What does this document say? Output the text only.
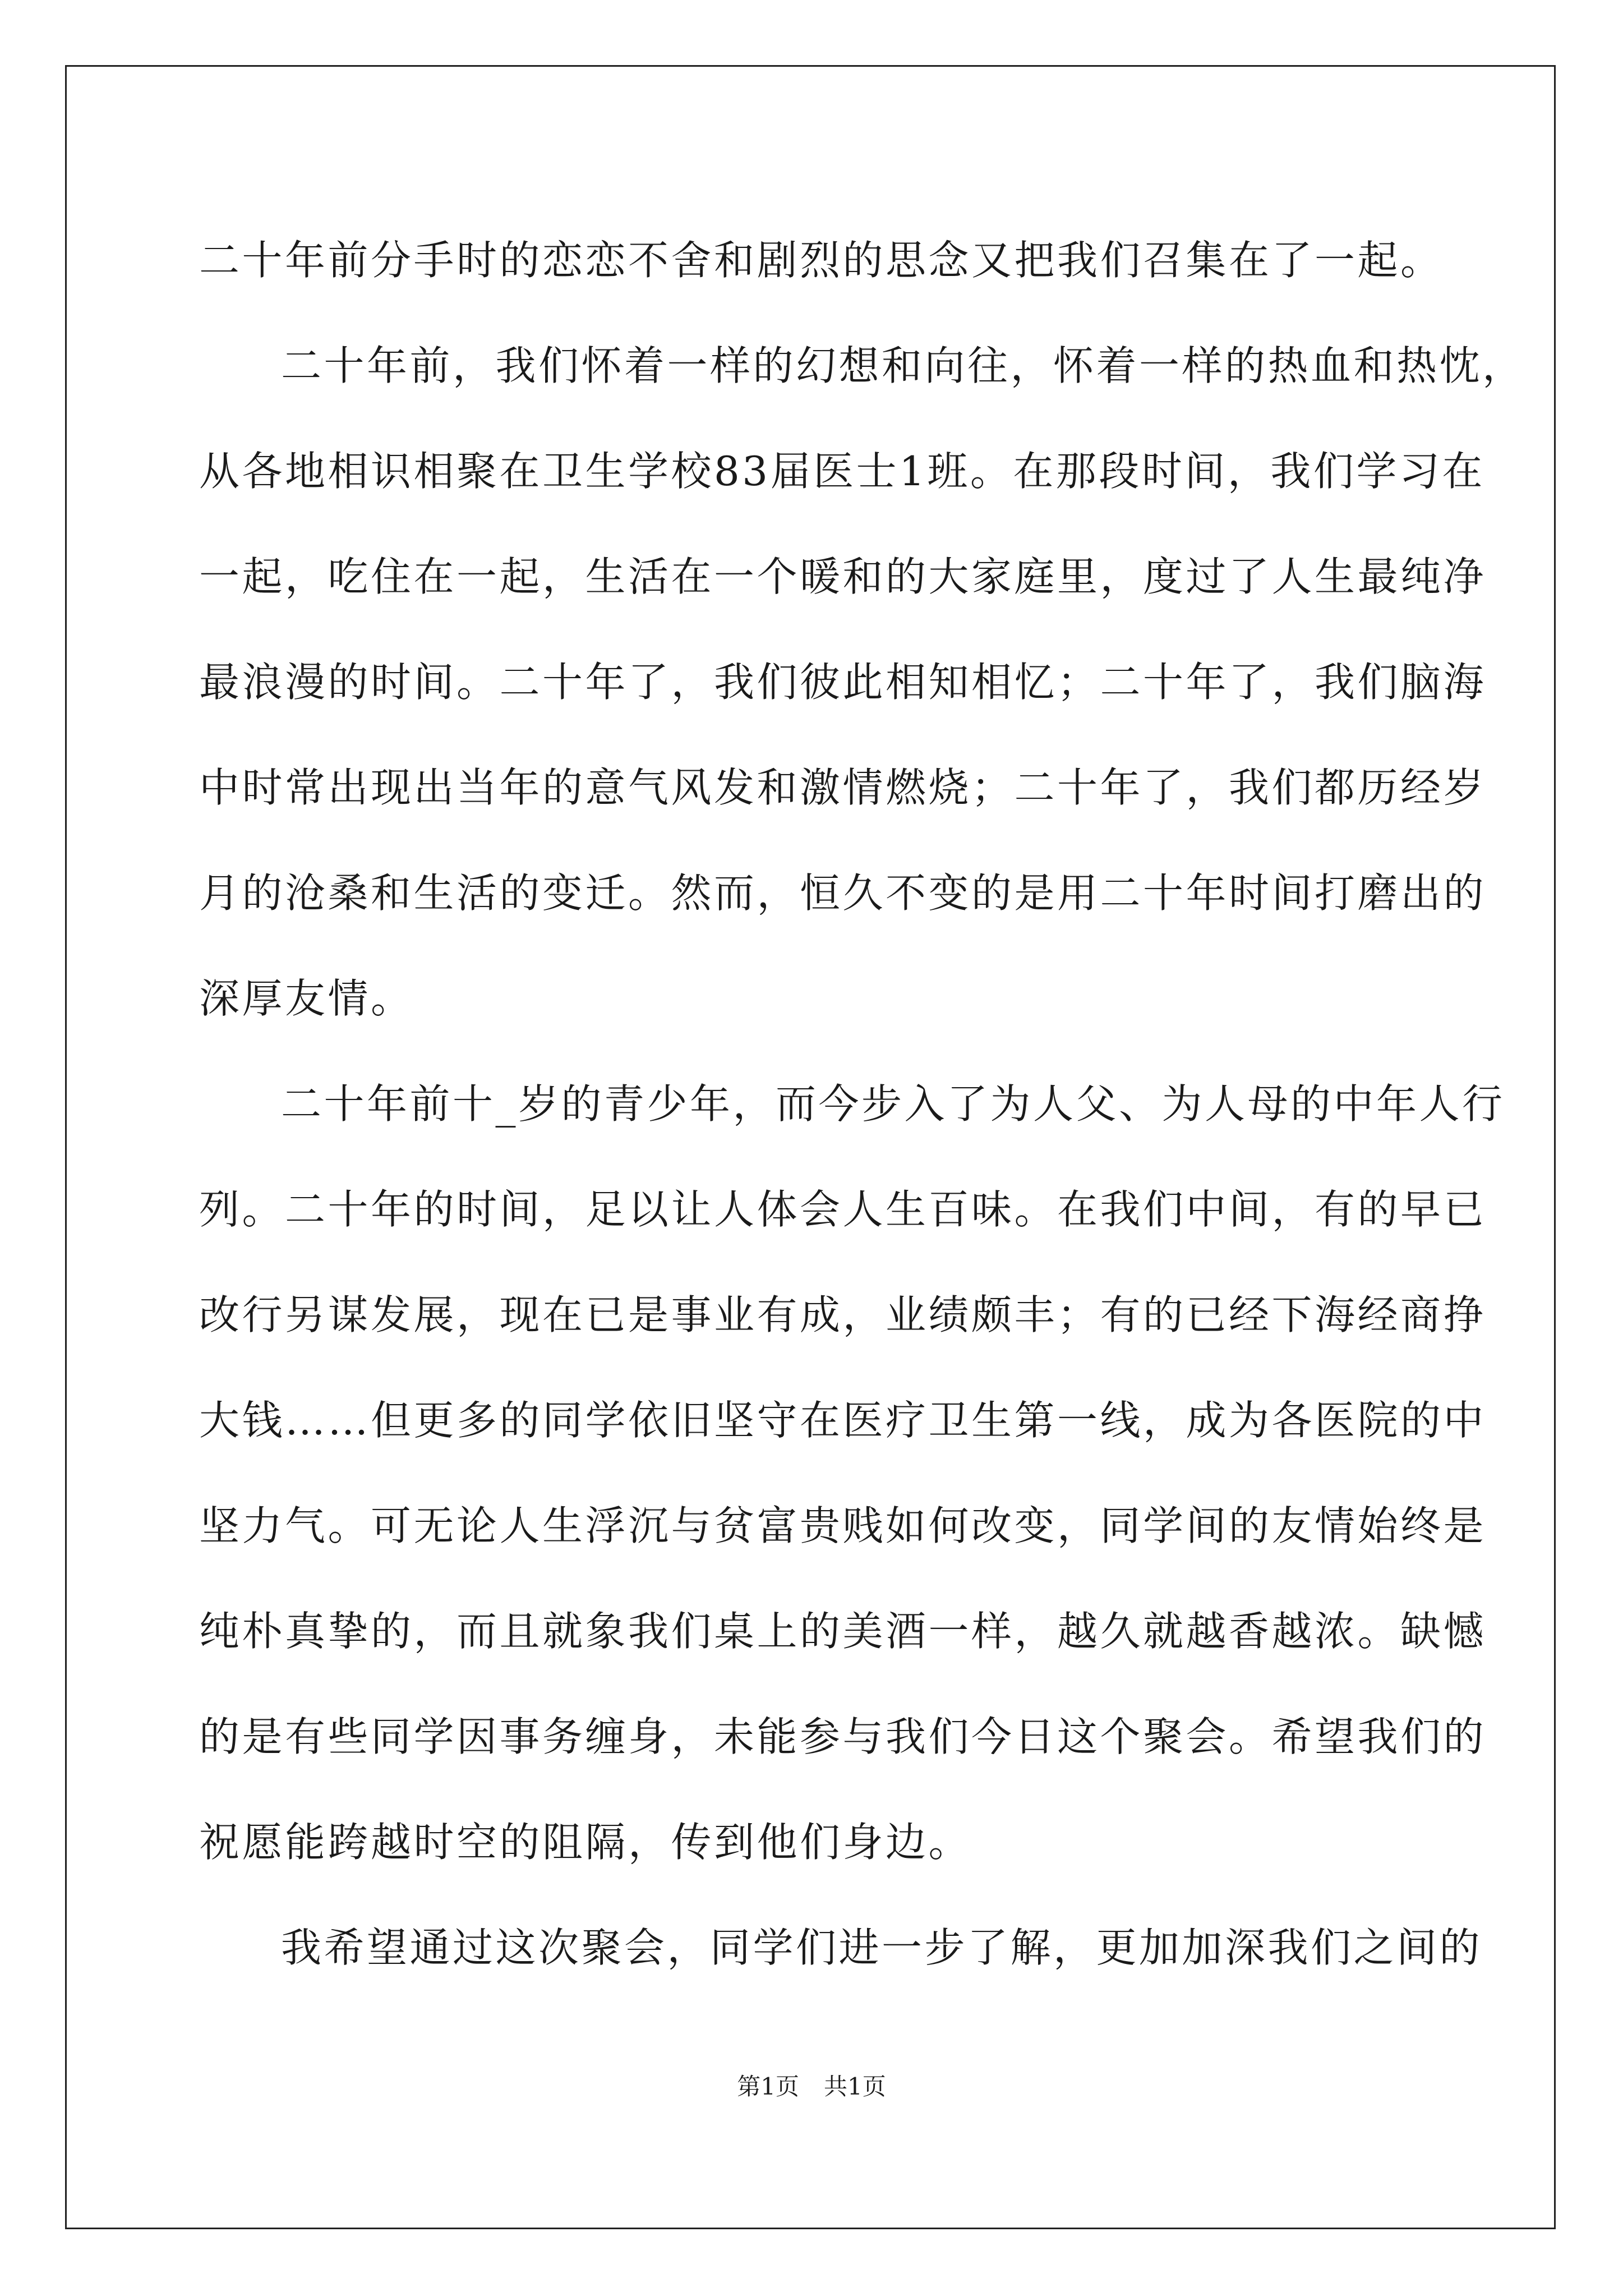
二十年前分手时的恋恋不舍和剧烈的思念又把我们召集在了一起。
二十年前，我们怀着一样的幻想和向往，怀着一样的热血和热忱，
从各地相识相聚在卫生学校83届医士1班。在那段时间，我们学习在
一起，吃住在一起，生活在一个暖和的大家庭里，度过了人生最纯净
最浪漫的时间。二十年了，我们彼此相知相忆；二十年了，我们脑海
中时常出现出当年的意气风发和激情燃烧；二十年了，我们都历经岁
月的沧桑和生活的变迁。然而，恒久不变的是用二十年时间打磨出的
深厚友情。
二十年前十_岁的青少年，而今步入了为人父、为人母的中年人行
列。二十年的时间，足以让人体会人生百味。在我们中间，有的早已
改行另谋发展，现在已是事业有成，业绩颇丰；有的已经下海经商挣
大钱……但更多的同学依旧坚守在医疗卫生第一线，成为各医院的中
坚力气。可无论人生浮沉与贫富贵贱如何改变，同学间的友情始终是
纯朴真挚的，而且就象我们桌上的美酒一样，越久就越香越浓。缺憾
的是有些同学因事务缠身，未能参与我们今日这个聚会。希望我们的
祝愿能跨越时空的阻隔，传到他们身边。
我希望通过这次聚会，同学们进一步了解，更加加深我们之间的
第1页 共1页
